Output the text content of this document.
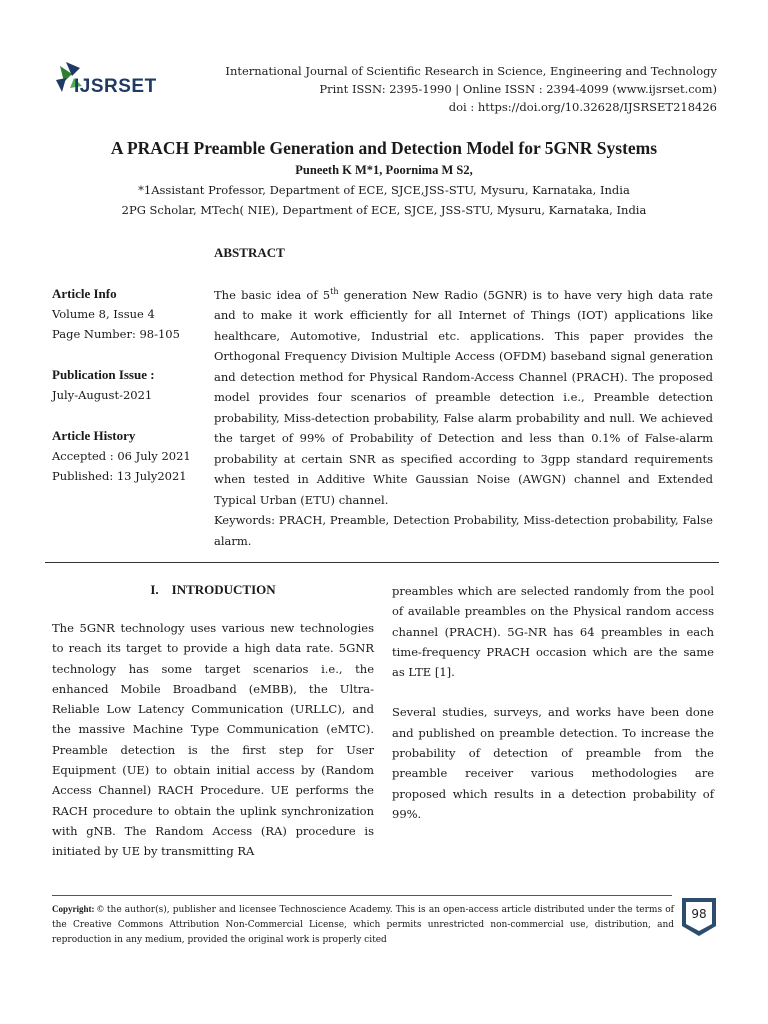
IJSRSET
International Journal of Scientific Research in Science, Engineering and Technology
Print ISSN: 2395-1990 | Online ISSN : 2394-4099 (www.ijsrset.com)
doi : https://doi.org/10.32628/IJSRSET218426
A PRACH Preamble Generation and Detection Model for 5GNR Systems
Puneeth K M*1, Poornima M S2,
*1Assistant Professor, Department of ECE, SJCE,JSS-STU, Mysuru, Karnataka, India
2PG Scholar, MTech( NIE), Department of ECE, SJCE, JSS-STU, Mysuru, Karnataka, India
ABSTRACT
Article Info
Volume 8, Issue 4
Page Number: 98-105
Publication Issue :
July-August-2021
Article History
Accepted : 06 July 2021
Published: 13 July2021

The basic idea of 5th generation New Radio (5GNR) is to have very high data rate and to make it work efficiently for all Internet of Things (IOT) applications like healthcare, Automotive, Industrial etc. applications. This paper provides the Orthogonal Frequency Division Multiple Access (OFDM) baseband signal generation and detection method for Physical Random-Access Channel (PRACH). The proposed model provides four scenarios of preamble detection i.e., Preamble detection probability, Miss-detection probability, False alarm probability and null. We achieved the target of 99% of Probability of Detection and less than 0.1% of False-alarm probability at certain SNR as specified according to 3gpp standard requirements when tested in Additive White Gaussian Noise (AWGN) channel and Extended Typical Urban (ETU) channel.

Keywords: PRACH, Preamble, Detection Probability, Miss-detection probability, False alarm.

I.    INTRODUCTION

The 5GNR technology uses various new technologies to reach its target to provide a high data rate. 5GNR technology has some target scenarios i.e., the enhanced Mobile Broadband (eMBB), the Ultra-Reliable Low Latency Communication (URLLC), and the massive Machine Type Communication (eMTC). Preamble detection is the first step for User Equipment (UE) to obtain initial access by (Random Access Channel) RACH Procedure. UE performs the RACH procedure to obtain the uplink synchronization with gNB. The Random Access (RA) procedure is initiated by UE by transmitting RA

preambles which are selected randomly from the pool of available preambles on the Physical random access channel (PRACH). 5G-NR has 64 preambles in each time-frequency PRACH occasion which are the same as LTE [1].

Several studies, surveys, and works have been done and published on preamble detection. To increase the probability of detection of preamble from the preamble receiver various methodologies are proposed which results in a detection probability of 99%.

Copyright: © the author(s), publisher and licensee Technoscience Academy. This is an open-access article distributed under the terms of the Creative Commons Attribution Non-Commercial License, which permits unrestricted non-commercial use, distribution, and reproduction in any medium, provided the original work is properly cited
98
